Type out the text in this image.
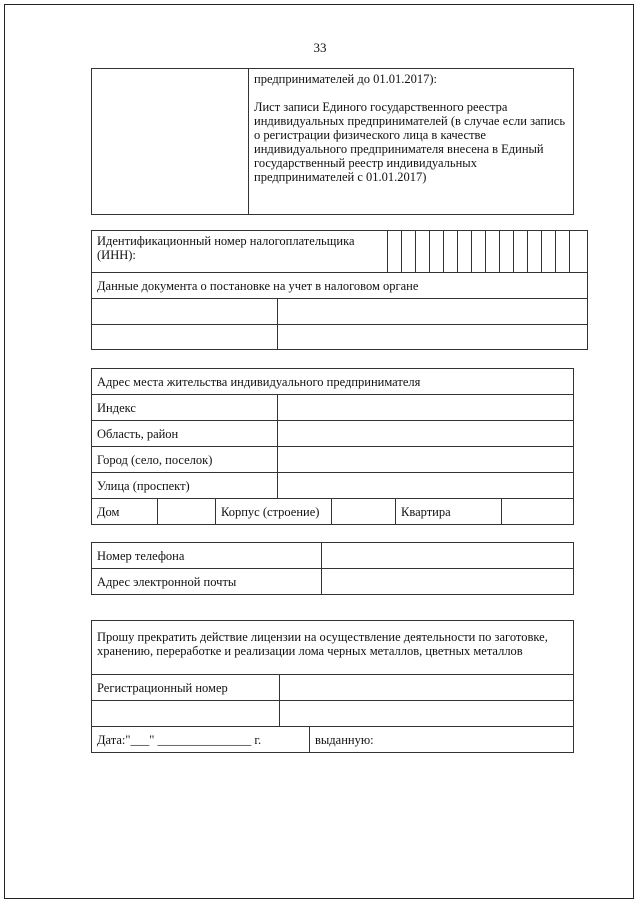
33

предпринимателей до 01.01.2017):
Лист записи Единого государственного реестра
индивидуальных предпринимателей (в случае если запись
о регистрации физического лица в качестве
индивидуального предпринимателя внесена в Единый
государственный реестр индивидуальных
предпринимателей с 01.01.2017)
Идентификационный номер налогоплательщика
(ИНН):															

Данные документа о постановке на учет в налоговом органе															

Адрес места жительства индивидуального предпринимателя						
Индекс						
Область, район						
Город (село, поселок)						
Улица (проспект)						
Дом		Корпус (строение)			Квартира	
Номер телефона	
Адрес электронной почты	
Прошу прекратить действие лицензии на осуществление деятельности по заготовке,
хранению, переработке и реализации лома черных металлов, цветных металлов		

Регистрационный номер		

Дата:"___" _______________ г.		выданную:
